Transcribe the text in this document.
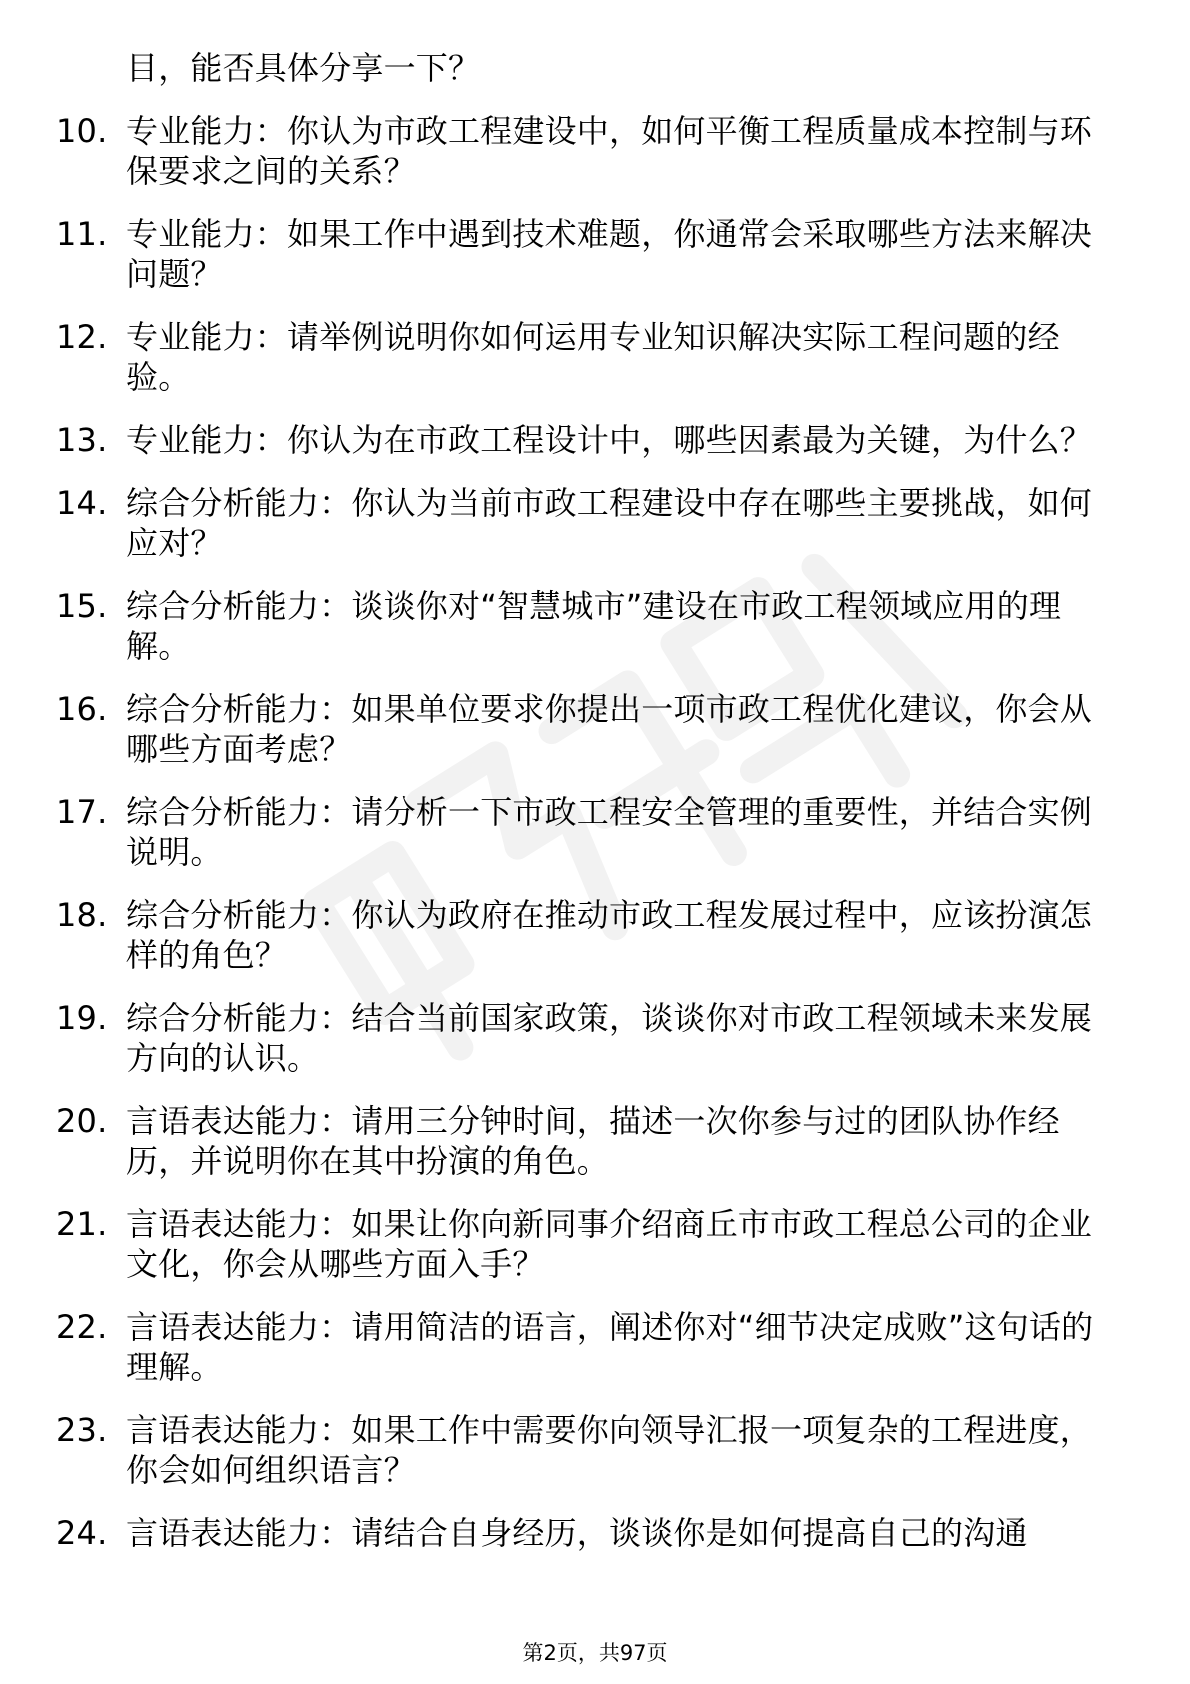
目，能否具体分享一下？
10. 专业能力：你认为市政工程建设中，如何平衡工程质量成本控制与环保要求之间的关系？
11. 专业能力：如果工作中遇到技术难题，你通常会采取哪些方法来解决问题？
12. 专业能力：请举例说明你如何运用专业知识解决实际工程问题的经验。
13. 专业能力：你认为在市政工程设计中，哪些因素最为关键，为什么？
14. 综合分析能力：你认为当前市政工程建设中存在哪些主要挑战，如何应对？
15. 综合分析能力：谈谈你对“智慧城市”建设在市政工程领域应用的理解。
16. 综合分析能力：如果单位要求你提出一项市政工程优化建议，你会从哪些方面考虑？
17. 综合分析能力：请分析一下市政工程安全管理的重要性，并结合实例说明。
18. 综合分析能力：你认为政府在推动市政工程发展过程中，应该扮演怎样的角色？
19. 综合分析能力：结合当前国家政策，谈谈你对市政工程领域未来发展方向的认识。
20. 言语表达能力：请用三分钟时间，描述一次你参与过的团队协作经历，并说明你在其中扮演的角色。
21. 言语表达能力：如果让你向新同事介绍商丘市市政工程总公司的企业文化，你会从哪些方面入手？
22. 言语表达能力：请用简洁的语言，阐述你对“细节决定成败”这句话的理解。
23. 言语表达能力：如果工作中需要你向领导汇报一项复杂的工程进度，你会如何组织语言？
24. 言语表达能力：请结合自身经历，谈谈你是如何提高自己的沟通
第2页，共97页
